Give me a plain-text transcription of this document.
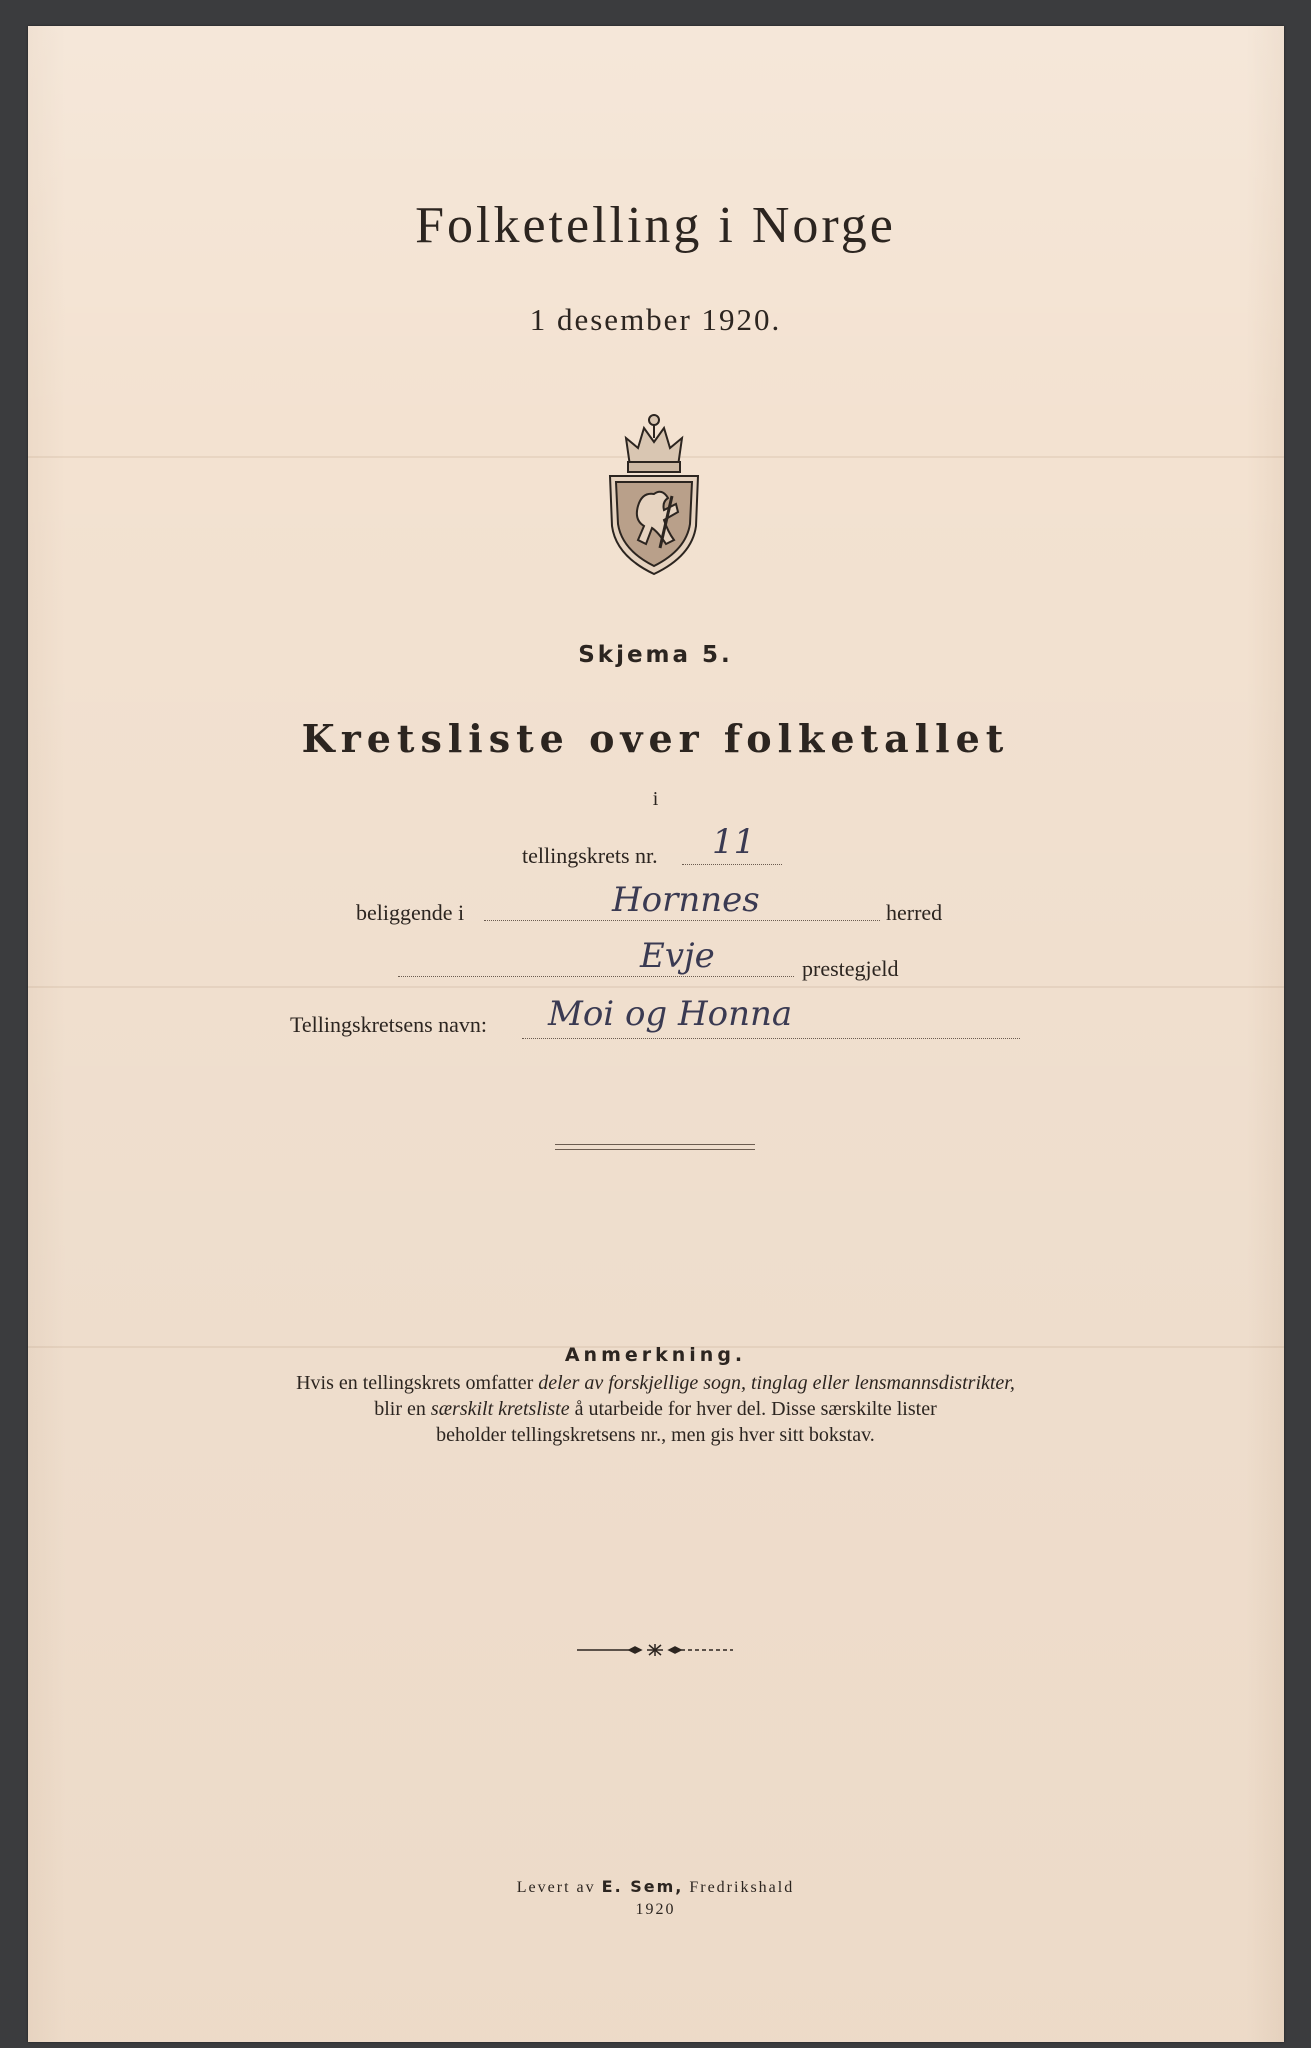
Folketelling i Norge
1 desember 1920.
Skjema 5.
Kretsliste over folketallet
i
tellingskrets nr. 11
beliggende i	Hornnes	herred
Evje	prestegjeld
Tellingskretsens navn: Moi og Honna
Anmerkning.
Hvis en tellingskrets omfatter deler av forskjellige sogn, tinglag eller lensmannsdistrikter,
blir en særskilt kretsliste å utarbeide for hver del. Disse særskilte lister
beholder tellingskretsens nr., men gis hver sitt bokstav.
Levert av E. Sem, Fredrikshald
1920
